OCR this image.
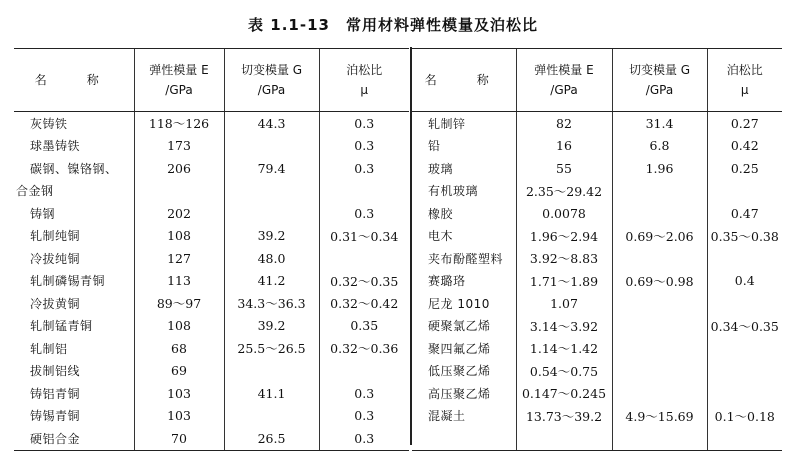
表 1.1-13　常用材料弹性模量及泊松比
名　称	弹性模量 E
/GPa	切变模量 G
/GPa	泊松比
μ
灰铸铁	118～126	44.3	0.3
球墨铸铁	173		0.3
碳钢、镍铬钢、	206	79.4	0.3
合金钢			
铸钢	202		0.3
轧制纯铜	108	39.2	0.31～0.34
冷拔纯铜	127	48.0	
轧制磷锡青铜	113	41.2	0.32～0.35
冷拔黄铜	89～97	34.3～36.3	0.32～0.42
轧制锰青铜	108	39.2	0.35
轧制铝	68	25.5～26.5	0.32～0.36
拔制铝线	69		
铸铝青铜	103	41.1	0.3
铸锡青铜	103		0.3
硬铝合金	70	26.5	0.3
名　称	弹性模量 E
/GPa	切变模量 G
/GPa	泊松比
μ
轧制锌	82	31.4	0.27
铅	16	6.8	0.42
玻璃	55	1.96	0.25
有机玻璃	2.35～29.42		
橡胶	0.0078		0.47
电木	1.96～2.94	0.69～2.06	0.35～0.38
夹布酚醛塑料	3.92～8.83		
赛璐珞	1.71～1.89	0.69～0.98	0.4
尼龙 1010	1.07		
硬聚氯乙烯	3.14～3.92		0.34～0.35
聚四氟乙烯	1.14～1.42		
低压聚乙烯	0.54～0.75		
高压聚乙烯	0.147～0.245		
混凝土	13.73～39.2	4.9～15.69	0.1～0.18
